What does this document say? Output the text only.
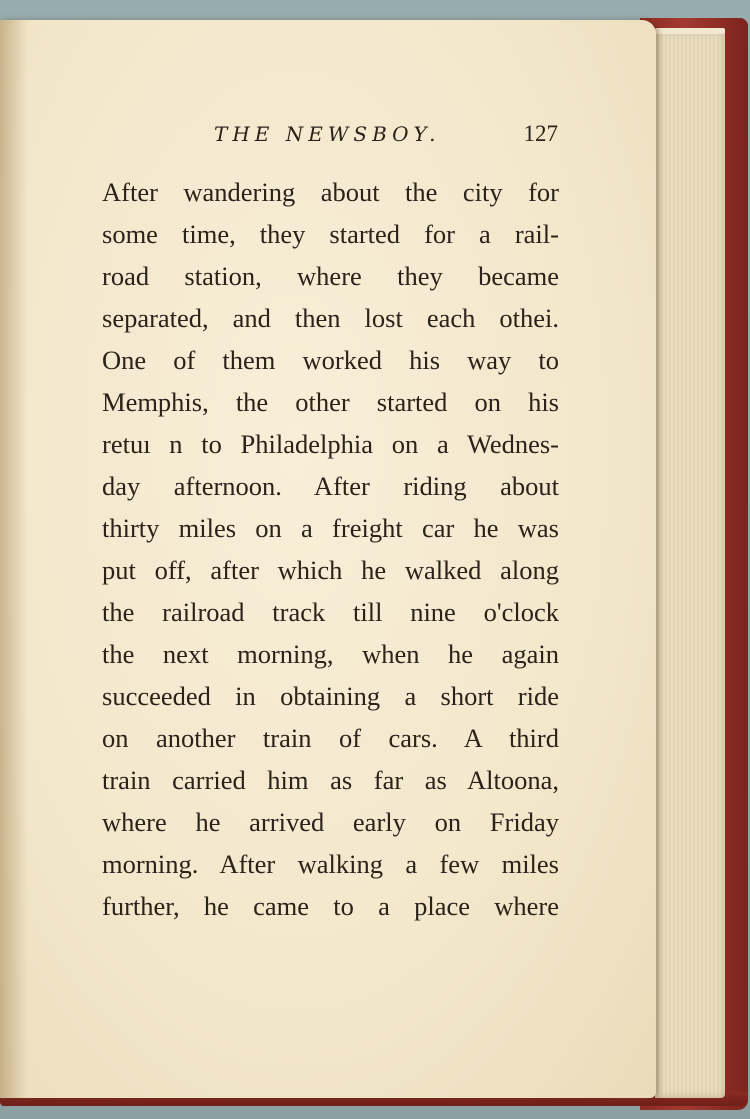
THE NEWSBOY.	127
After wandering about the city for
some time, they started for a rail-
road station, where they became
separated, and then lost each othei.
One of them worked his way to
Memphis, the other started on his
retuı n to Philadelphia on a Wednes-
day afternoon. After riding about
thirty miles on a freight car he was
put off, after which he walked along
the railroad track till nine o'clock
the next morning, when he again
succeeded in obtaining a short ride
on another train of cars. A third
train carried him as far as Altoona,
where he arrived early on Friday
morning. After walking a few miles
further, he came to a place where
